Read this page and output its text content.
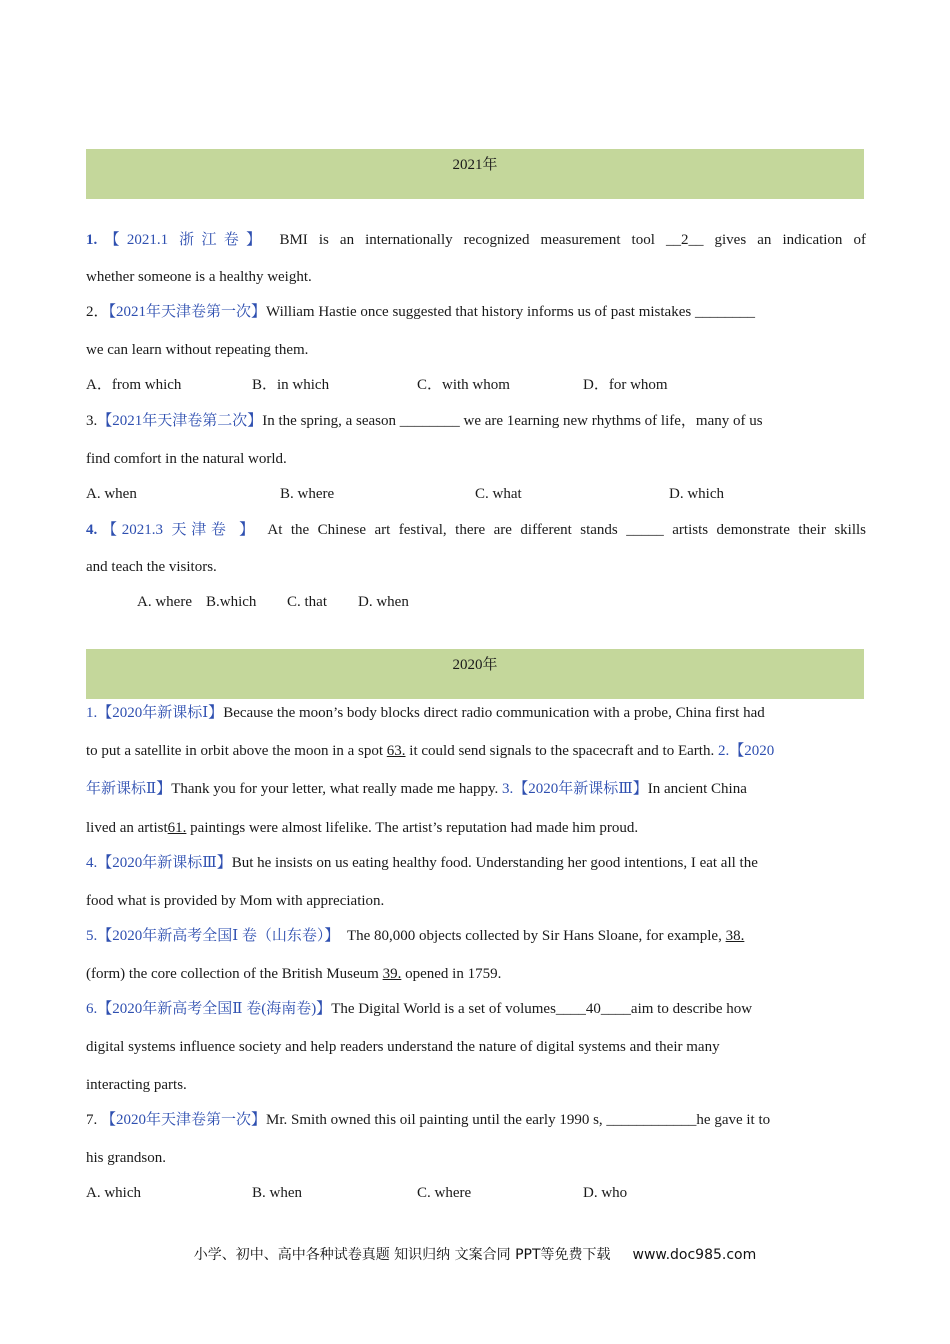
2021年
1.【2021.1 浙江卷】 BMI is an internationally recognized measurement tool __2__ gives an indication of
whether someone is a healthy weight.
2．【2021年天津卷第一次】William Hastie once suggested that history informs us of past mistakes ________
we can learn without repeating them.
A．from which	B．in which	C．with whom	D．for whom
3.【2021年天津卷第二次】In the spring, a season ________ we are 1earning new rhythms of life，many of us
find comfort in the natural world.
A. when	B. where	C. what	D. which
4.【2021.3 天津卷 】 At the Chinese art festival, there are different stands _____ artists demonstrate their skills
and teach the visitors.
A. where B.which C. that D. when
2020年
1.【2020年新课标Ⅰ】Because the moon’s body blocks direct radio communication with a probe, China first had
to put a satellite in orbit above the moon in a spot 63. it could send signals to the spacecraft and to Earth. 2.【2020
年新课标Ⅱ】Thank you for your letter, what really made me happy. 3.【2020年新课标Ⅲ】In ancient China
lived an artist61. paintings were almost lifelike. The artist’s reputation had made him proud.
4.【2020年新课标Ⅲ】But he insists on us eating healthy food. Understanding her good intentions, I eat all the
food what is provided by Mom with appreciation.
5.【2020年新高考全国Ⅰ 卷（山东卷）】 The 80,000 objects collected by Sir Hans Sloane, for example, 38.
(form) the core collection of the British Museum 39. opened in 1759.
6.【2020年新高考全国Ⅱ 卷(海南卷)】The Digital World is a set of volumes____40____aim to describe how
digital systems influence society and help readers understand the nature of digital systems and their many
interacting parts.
7. 【2020年天津卷第一次】Mr. Smith owned this oil painting until the early 1990 s, ____________he gave it to
his grandson.
A. which	B. when	C. where	D. who
小学、初中、高中各种试卷真题 知识归纳 文案合同 PPT等免费下载 www.doc985.com
